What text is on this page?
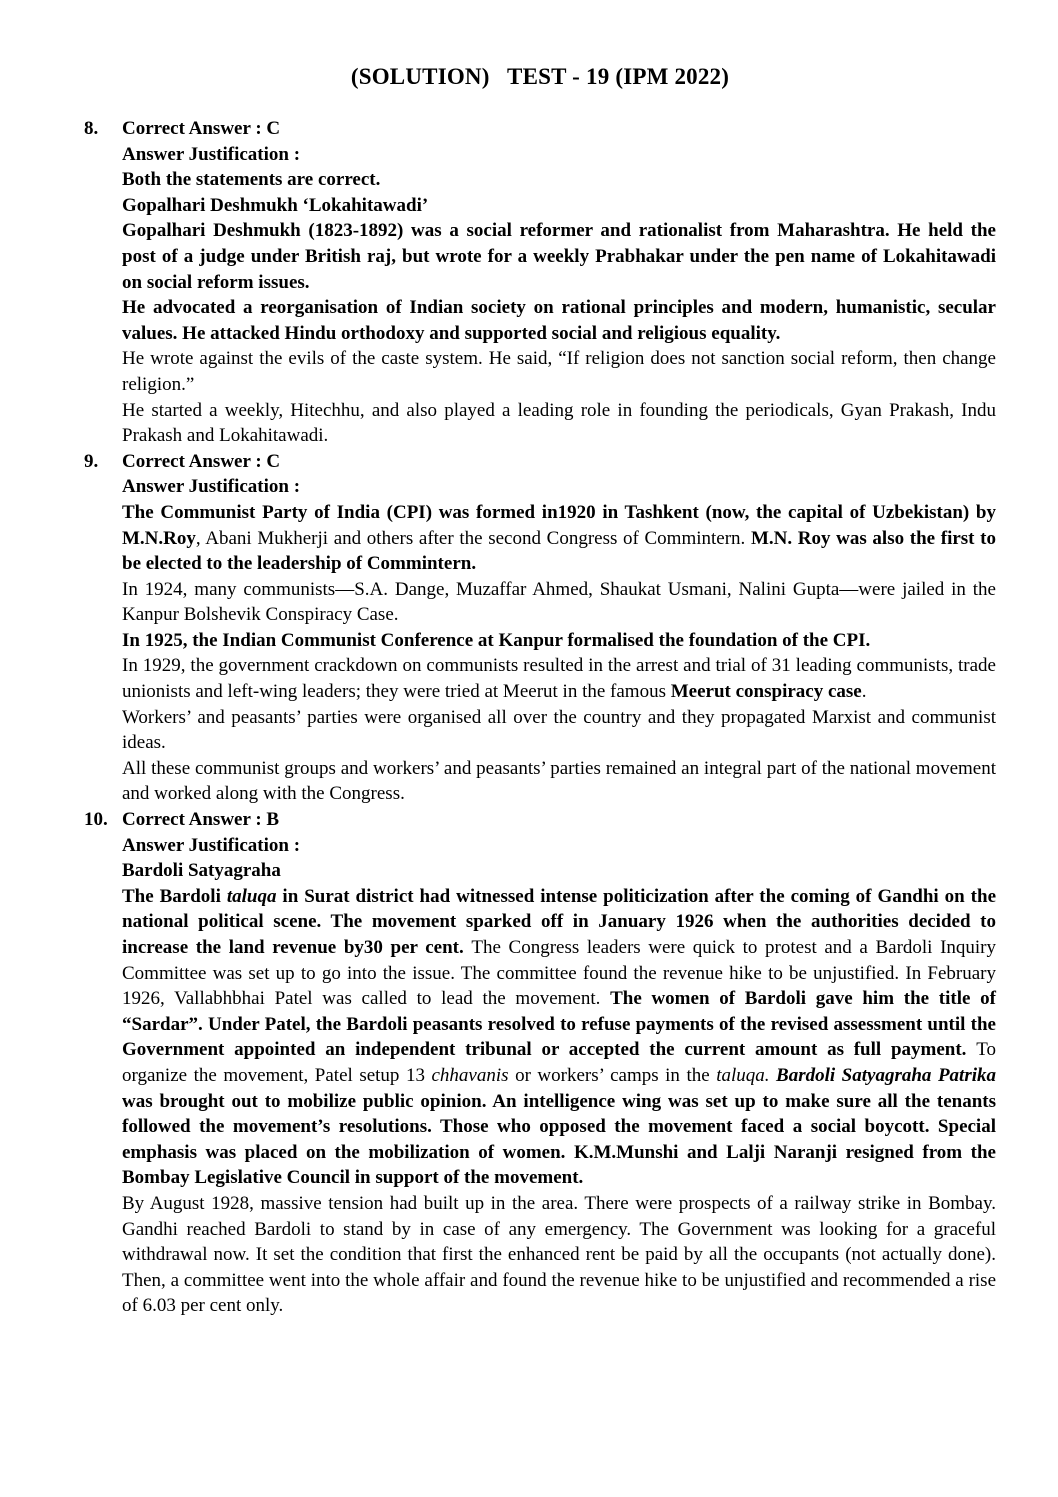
(SOLUTION)   TEST - 19 (IPM 2022)
8.	Correct Answer : C

Answer Justification :

Both the statements are correct.

Gopalhari Deshmukh ‘Lokahitawadi’

Gopalhari Deshmukh (1823-1892) was a social reformer and rationalist from Maharashtra. He held the post of a judge under British raj, but wrote for a weekly Prabhakar under the pen name of Lokahitawadi on social reform issues.

He advocated a reorganisation of Indian society on rational principles and modern, humanistic, secular values. He attacked Hindu orthodoxy and supported social and religious equality.

He wrote against the evils of the caste system. He said, “If religion does not sanction social reform, then change religion.”

He started a weekly, Hitechhu, and also played a leading role in founding the periodicals, Gyan Prakash, Indu Prakash and Lokahitawadi.

9.	Correct Answer : C

Answer Justification :

The Communist Party of India (CPI) was formed in1920 in Tashkent (now, the capital of Uzbekistan) by M.N.Roy, Abani Mukherji and others after the second Congress of Commintern. M.N. Roy was also the first to be elected to the leadership of Commintern.

In 1924, many communists—S.A. Dange, Muzaffar Ahmed, Shaukat Usmani, Nalini Gupta—were jailed in the Kanpur Bolshevik Conspiracy Case.

In 1925, the Indian Communist Conference at Kanpur formalised the foundation of the CPI.

In 1929, the government crackdown on communists resulted in the arrest and trial of 31 leading communists, trade unionists and left-wing leaders; they were tried at Meerut in the famous Meerut conspiracy case.

Workers’ and peasants’ parties were organised all over the country and they propagated Marxist and communist ideas.

All these communist groups and workers’ and peasants’ parties remained an integral part of the national movement and worked along with the Congress.

10. Correct Answer : B

Answer Justification :

Bardoli Satyagraha

The Bardoli taluqa in Surat district had witnessed intense politicization after the coming of Gandhi on the national political scene. The movement sparked off in January 1926 when the authorities decided to increase the land revenue by30 per cent. The Congress leaders were quick to protest and a Bardoli Inquiry Committee was set up to go into the issue. The committee found the revenue hike to be unjustified. In February 1926, Vallabhbhai Patel was called to lead the movement. The women of Bardoli gave him the title of “Sardar”. Under Patel, the Bardoli peasants resolved to refuse payments of the revised assessment until the Government appointed an independent tribunal or accepted the current amount as full payment. To organize the movement, Patel setup 13 chhavanis or workers’ camps in the taluqa. Bardoli Satyagraha Patrika was brought out to mobilize public opinion. An intelligence wing was set up to make sure all the tenants followed the movement’s resolutions. Those who opposed the movement faced a social boycott. Special emphasis was placed on the mobilization of women. K.M.Munshi and Lalji Naranji resigned from the Bombay Legislative Council in support of the movement.

By August 1928, massive tension had built up in the area. There were prospects of a railway strike in Bombay. Gandhi reached Bardoli to stand by in case of any emergency. The Government was looking for a graceful withdrawal now. It set the condition that first the enhanced rent be paid by all the occupants (not actually done). Then, a committee went into the whole affair and found the revenue hike to be unjustified and recommended a rise of 6.03 per cent only.
